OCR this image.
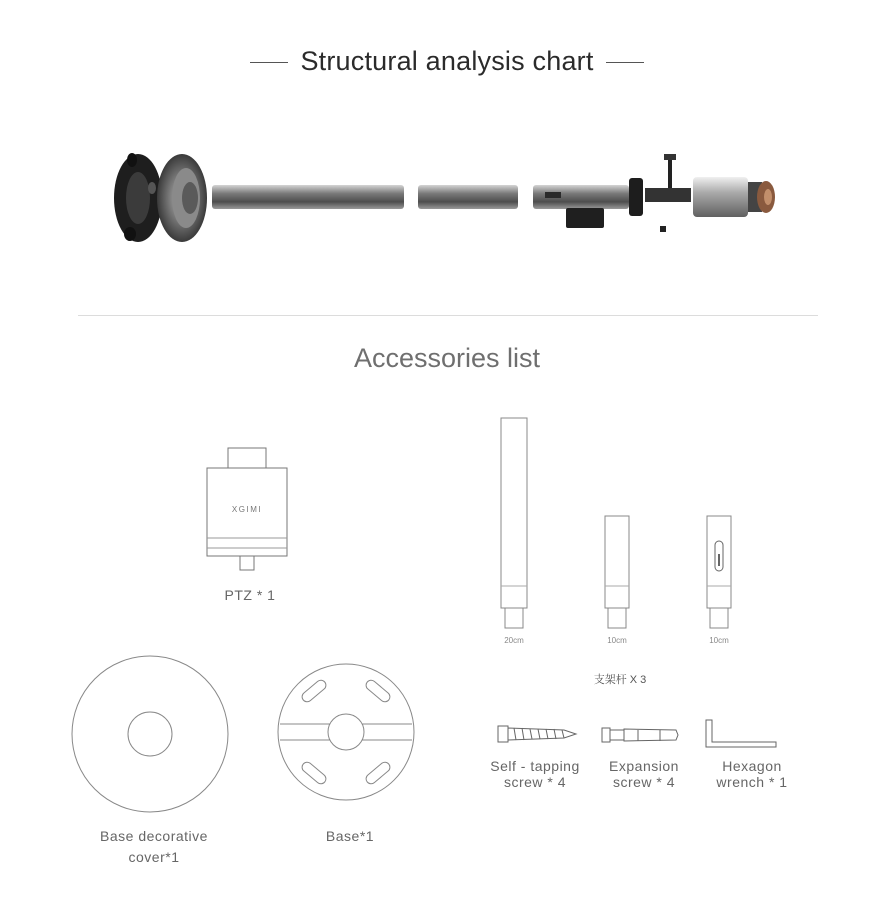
Structural analysis chart
Accessories list
XGIMI
PTZ * 1
20cm	10cm	10cm
支架杆 X 3
Self - tapping
screw * 4
Expansion
screw * 4
Hexagon
wrench * 1
Base decorative
cover*1
Base*1
